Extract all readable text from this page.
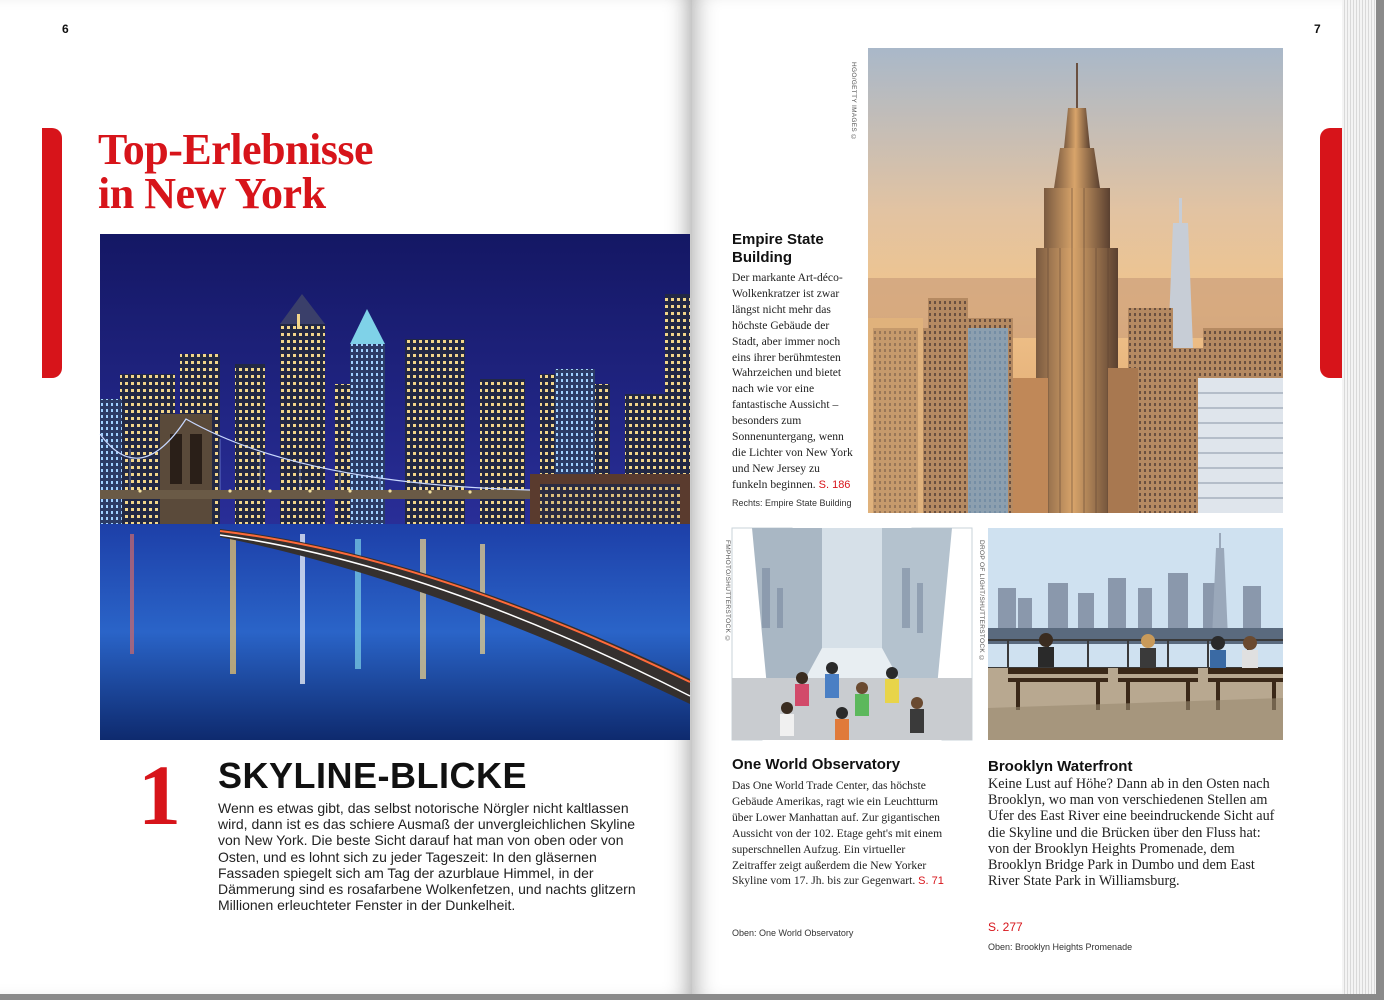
6
Top-Erlebnisse
in New York
1 SKYLINE-BLICKE
Wenn es etwas gibt, das selbst notorische Nörgler nicht kaltlassen wird, dann ist es das schiere Ausmaß der unvergleichlichen Skyline von New York. Die beste Sicht darauf hat man von oben oder von Osten, und es lohnt sich zu jeder Tageszeit: In den gläsernen Fassaden spiegelt sich am Tag der azurblaue Himmel, in der Dämmerung sind es rosafarbene Wolkenfetzen, und nachts glitzern Millionen erleuchteter Fenster in der Dunkelheit.
7
Empire State Building
Der markante Art-déco-Wolkenkratzer ist zwar längst nicht mehr das höchste Gebäude der Stadt, aber immer noch eins ihrer berühmtesten Wahrzeichen und bietet nach wie vor eine fantastische Aussicht – besonders zum Sonnenuntergang, wenn die Lichter von New York und New Jersey zu funkeln beginnen. S. 186
Rechts: Empire State Building
HGO/GETTY IMAGES ©
FMPHOTO/SHUTTERSTOCK ©
One World Observatory
Das One World Trade Center, das höchste Gebäude Amerikas, ragt wie ein Leuchtturm über Lower Manhattan auf. Zur gigantischen Aussicht von der 102. Etage geht's mit einem superschnellen Aufzug. Ein virtueller Zeitraffer zeigt außerdem die New Yorker Skyline vom 17. Jh. bis zur Gegenwart. S. 71
Oben: One World Observatory
DROP OF LIGHT/SHUTTERSTOCK ©
Brooklyn Waterfront
Oben: Brooklyn Heights Promenade
Keine Lust auf Höhe? Dann ab in den Osten nach Brooklyn, wo man von verschiedenen Stellen am Ufer des East River eine beeindruckende Sicht auf die Skyline und die Brücken über den Fluss hat: von der Brooklyn Heights Promenade, dem Brooklyn Bridge Park in Dumbo und dem East River State Park in Williamsburg.
S. 277
